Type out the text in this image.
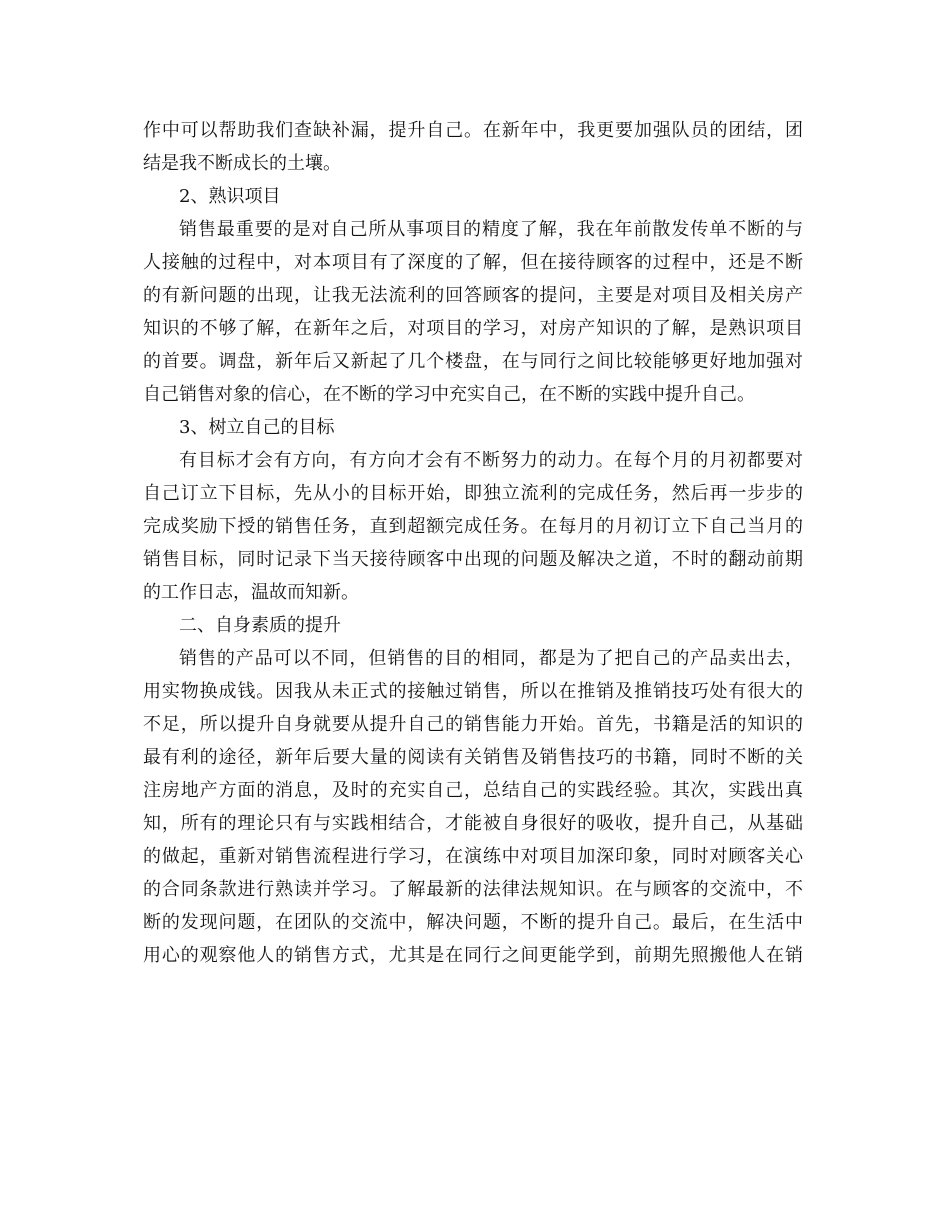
作中可以帮助我们查缺补漏，提升自己。在新年中，我更要加强队员的团结，团
结是我不断成长的土壤。
2、熟识项目
销售最重要的是对自己所从事项目的精度了解，我在年前散发传单不断的与
人接触的过程中，对本项目有了深度的了解，但在接待顾客的过程中，还是不断
的有新问题的出现，让我无法流利的回答顾客的提问，主要是对项目及相关房产
知识的不够了解，在新年之后，对项目的学习，对房产知识的了解，是熟识项目
的首要。调盘，新年后又新起了几个楼盘，在与同行之间比较能够更好地加强对
自己销售对象的信心，在不断的学习中充实自己，在不断的实践中提升自己。
3、树立自己的目标
有目标才会有方向，有方向才会有不断努力的动力。在每个月的月初都要对
自己订立下目标，先从小的目标开始，即独立流利的完成任务，然后再一步步的
完成奖励下授的销售任务，直到超额完成任务。在每月的月初订立下自己当月的
销售目标，同时记录下当天接待顾客中出现的问题及解决之道，不时的翻动前期
的工作日志，温故而知新。
二、自身素质的提升
销售的产品可以不同，但销售的目的相同，都是为了把自己的产品卖出去，
用实物换成钱。因我从未正式的接触过销售，所以在推销及推销技巧处有很大的
不足，所以提升自身就要从提升自己的销售能力开始。首先，书籍是活的知识的
最有利的途径，新年后要大量的阅读有关销售及销售技巧的书籍，同时不断的关
注房地产方面的消息，及时的充实自己，总结自己的实践经验。其次，实践出真
知，所有的理论只有与实践相结合，才能被自身很好的吸收，提升自己，从基础
的做起，重新对销售流程进行学习，在演练中对项目加深印象，同时对顾客关心
的合同条款进行熟读并学习。了解最新的法律法规知识。在与顾客的交流中，不
断的发现问题，在团队的交流中，解决问题，不断的提升自己。最后，在生活中
用心的观察他人的销售方式，尤其是在同行之间更能学到，前期先照搬他人在销
